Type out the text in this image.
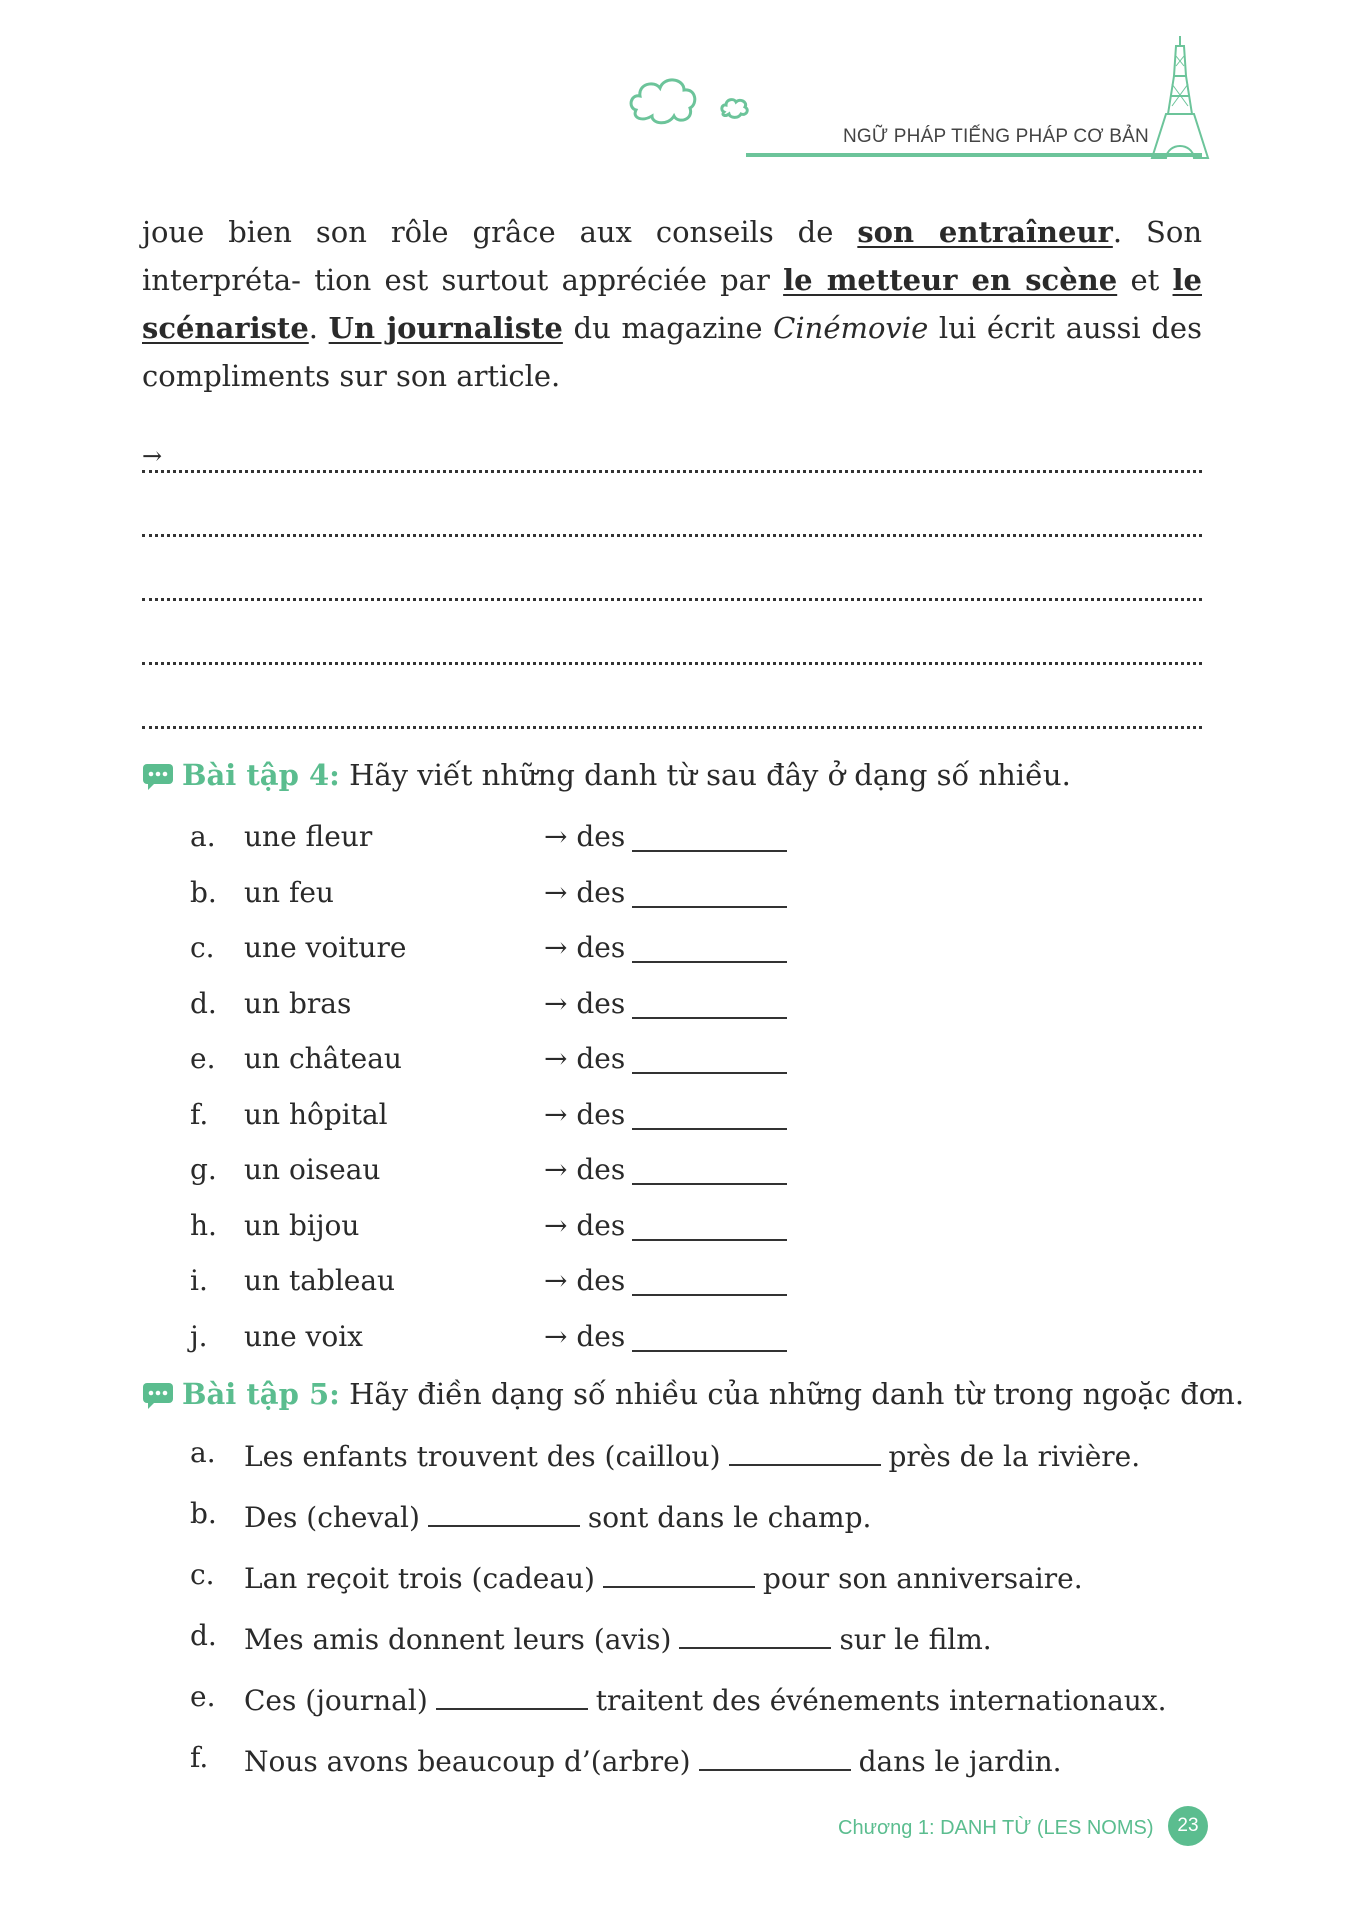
NGỮ PHÁP TIẾNG PHÁP CƠ BẢN

joue bien son rôle grâce aux conseils de son entraîneur. Son interpréta- tion est surtout appréciée par le metteur en scène et le scénariste. Un journaliste du magazine Cinémovie lui écrit aussi des compliments sur son article.

→
Bài tập 4: Hãy viết những danh từ sau đây ở dạng số nhiều.
a. une fleur	→ des
b. un feu	→ des
c. une voiture	→ des
d. un bras	→ des
e. un château	→ des
f. un hôpital	→ des
g. un oiseau	→ des
h. un bijou	→ des
i. un tableau	→ des
j. une voix	→ des
Bài tập 5: Hãy điền dạng số nhiều của những danh từ trong ngoặc đơn.
a. Les enfants trouvent des (caillou)	près de la rivière.
b. Des (cheval)	sont dans le champ.
c. Lan reçoit trois (cadeau)	pour son anniversaire.
d. Mes amis donnent leurs (avis)	sur le film.
e. Ces (journal)	traitent des événements internationaux.
f. Nous avons beaucoup d’(arbre)	dans le jardin.
Chương 1: DANH TỪ (LES NOMS)	23
